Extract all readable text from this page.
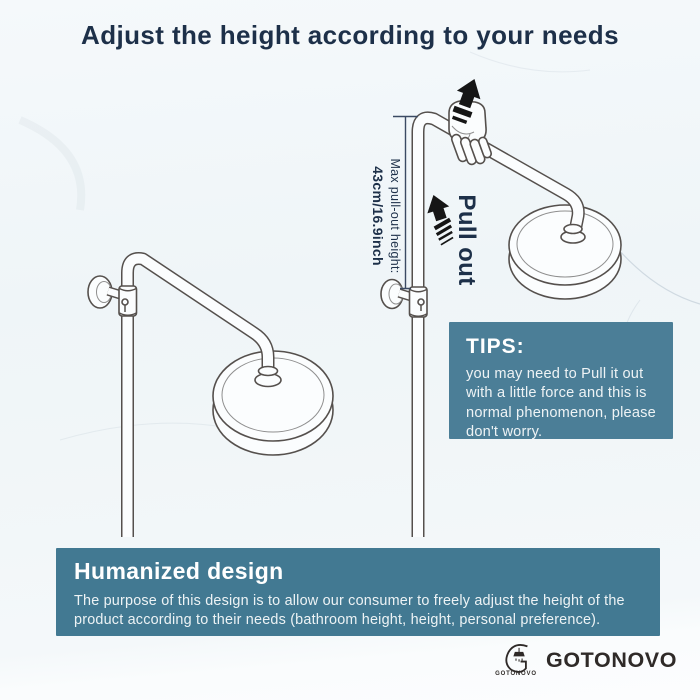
Adjust the height according to your needs
Max pull-out height:
43cm/16.9inch	Pull out
TIPS:
you may need to Pull it out
with a little force and this is
normal phenomenon, please
don't worry.
Humanized design
The purpose of this design is to allow our consumer to freely adjust the height of the
product according to their needs (bathroom height, height, personal preference).
GOTONOVO
GOTONOVO
